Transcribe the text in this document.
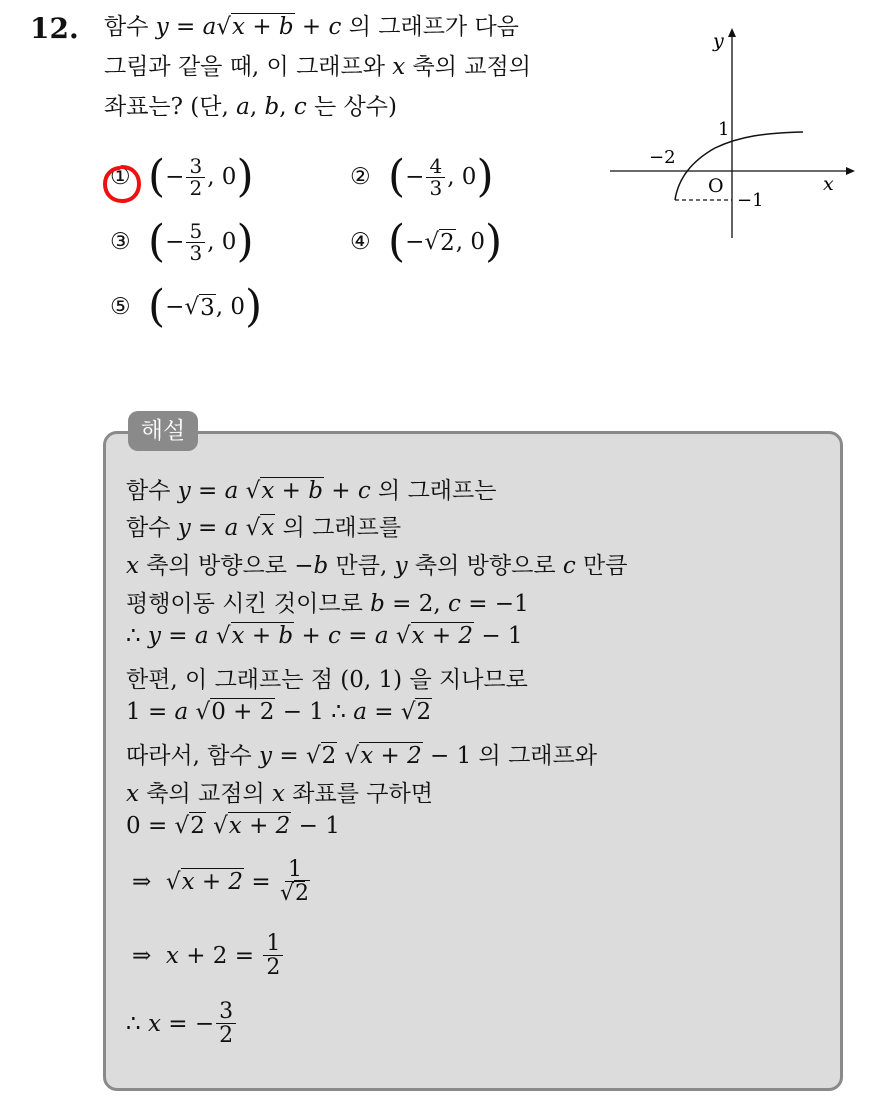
12. 함수 y = a√x + b + c 의 그래프가 다음
그림과 같을 때, 이 그래프와 x 축의 교점의
좌표는? (단, a, b, c 는 상수)
① ( − $\frac{3}{2}$ , 0 )	② ( − $\frac{4}{3}$ , 0 )
③ ( − $\frac{5}{3}$ , 0 )	④ ( − √ 2 , 0 )
⑤ ( − √ 3 , 0 )
y
x
O
−2
1
−1
해설
함수 y = a √x + b + c 의 그래프는
함수 y = a √x 의 그래프를
x 축의 방향으로 −b 만큼, y 축의 방향으로 c 만큼
평행이동 시킨 것이므로 b = 2, c = −1
∴ y = a √x + b + c = a √x + 2 − 1
한편, 이 그래프는 점 (0, 1) 을 지나므로
1 = a √0 + 2 − 1 ∴ a = √2
따라서, 함수 y = √2 √x + 2 − 1 의 그래프와
x 축의 교점의 x 좌표를 구하면
0 = √2 √x + 2 − 1
⇒ √ $x + 2 = \frac{1}{√2}$
⇒ $x + 2 = \frac{1}{2}$
∴ x = − $\frac{3}{2}$
